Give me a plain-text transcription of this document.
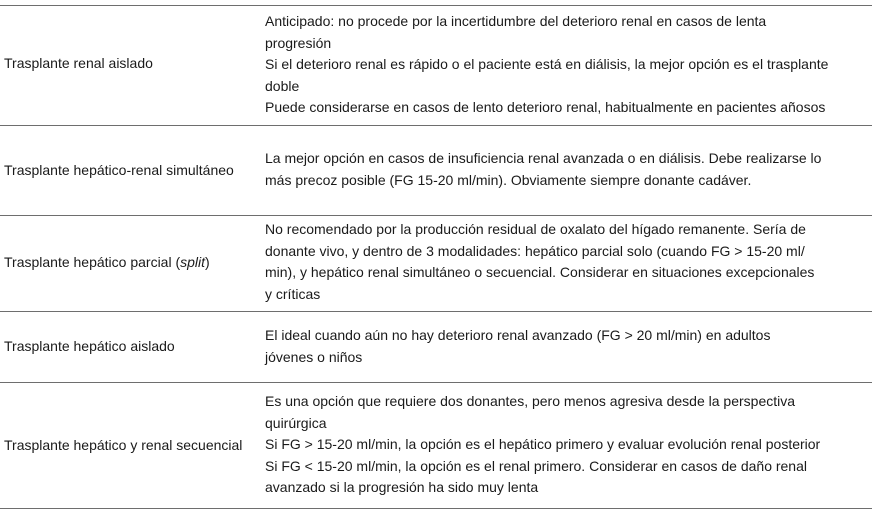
Trasplante renal aislado
Anticipado: no procede por la incertidumbre del deterioro renal en casos de lenta
progresión
Si el deterioro renal es rápido o el paciente está en diálisis, la mejor opción es el trasplante
doble
Puede considerarse en casos de lento deterioro renal, habitualmente en pacientes añosos
Trasplante hepático-renal simultáneo
La mejor opción en casos de insuficiencia renal avanzada o en diálisis. Debe realizarse lo
más precoz posible (FG 15-20 ml/min). Obviamente siempre donante cadáver.
Trasplante hepático parcial (split)
No recomendado por la producción residual de oxalato del hígado remanente. Sería de
donante vivo, y dentro de 3 modalidades: hepático parcial solo (cuando FG > 15-20 ml/
min), y hepático renal simultáneo o secuencial. Considerar en situaciones excepcionales
y críticas
Trasplante hepático aislado
El ideal cuando aún no hay deterioro renal avanzado (FG > 20 ml/min) en adultos
jóvenes o niños
Trasplante hepático y renal secuencial
Es una opción que requiere dos donantes, pero menos agresiva desde la perspectiva
quirúrgica
Si FG > 15-20 ml/min, la opción es el hepático primero y evaluar evolución renal posterior
Si FG < 15-20 ml/min, la opción es el renal primero. Considerar en casos de daño renal
avanzado si la progresión ha sido muy lenta
